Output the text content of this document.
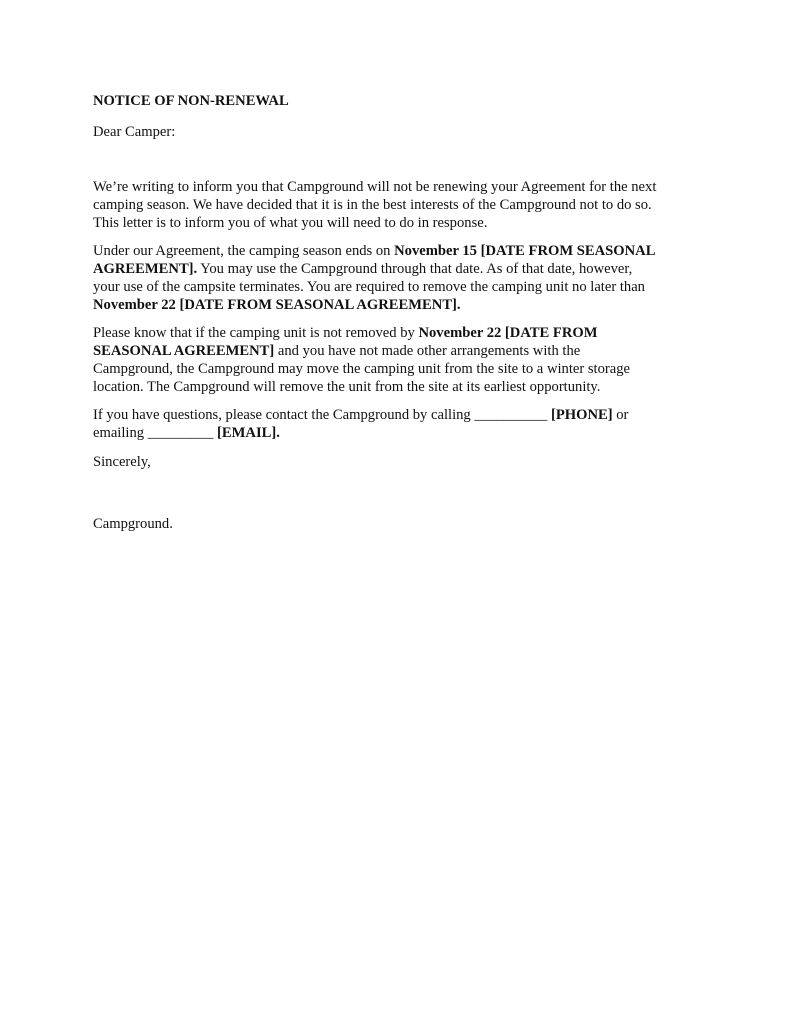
NOTICE OF NON-RENEWAL

Dear Camper:

We’re writing to inform you that Campground will not be renewing your Agreement for the next
camping season. We have decided that it is in the best interests of the Campground not to do so.
This letter is to inform you of what you will need to do in response.
Under our Agreement, the camping season ends on November 15 [DATE FROM SEASONAL
AGREEMENT]. You may use the Campground through that date. As of that date, however,
your use of the campsite terminates. You are required to remove the camping unit no later than
November 22 [DATE FROM SEASONAL AGREEMENT].
Please know that if the camping unit is not removed by November 22 [DATE FROM
SEASONAL AGREEMENT] and you have not made other arrangements with the
Campground, the Campground may move the camping unit from the site to a winter storage
location. The Campground will remove the unit from the site at its earliest opportunity.
If you have questions, please contact the Campground by calling __________ [PHONE] or
emailing _________ [EMAIL].

Sincerely,

Campground.
